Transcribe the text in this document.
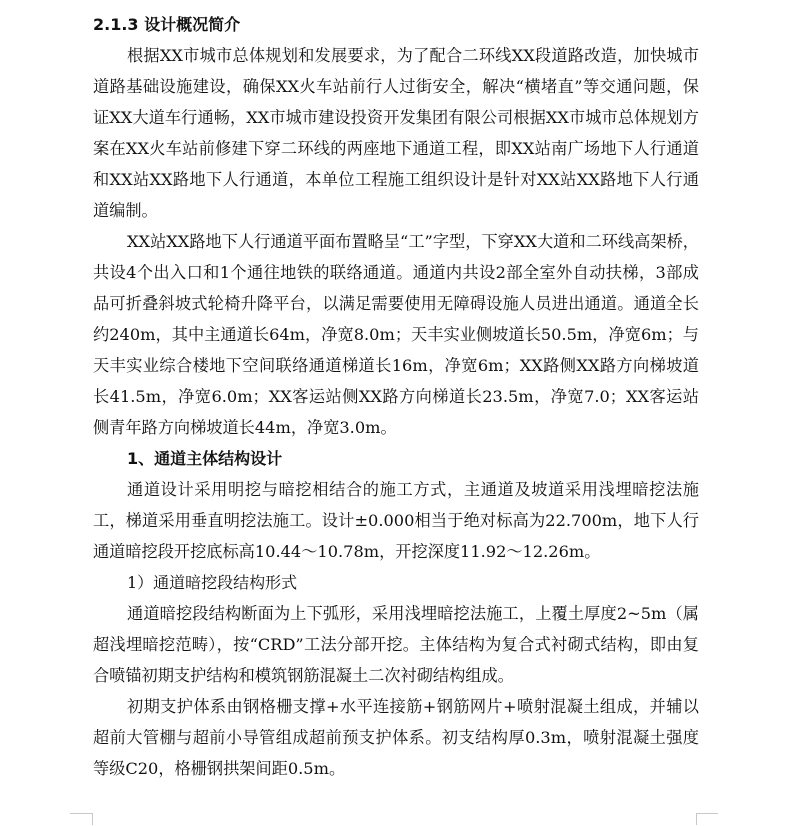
2.1.3 设计概况简介

根据XX市城市总体规划和发展要求，为了配合二环线XX段道路改造，加快城市道路基础设施建设，确保XX火车站前行人过街安全，解决“横堵直”等交通问题，保证XX大道车行通畅，XX市城市建设投资开发集团有限公司根据XX市城市总体规划方案在XX火车站前修建下穿二环线的两座地下通道工程，即XX站南广场地下人行通道和XX站XX路地下人行通道，本单位工程施工组织设计是针对XX站XX路地下人行通道编制。

XX站XX路地下人行通道平面布置略呈“工”字型，下穿XX大道和二环线高架桥，共设4个出入口和1个通往地铁的联络通道。通道内共设2部全室外自动扶梯，3部成品可折叠斜坡式轮椅升降平台，以满足需要使用无障碍设施人员进出通道。通道全长约240m，其中主通道长64m，净宽8.0m；天丰实业侧坡道长50.5m，净宽6m；与天丰实业综合楼地下空间联络通道梯道长16m，净宽6m；XX路侧XX路方向梯坡道长41.5m，净宽6.0m；XX客运站侧XX路方向梯道长23.5m，净宽7.0；XX客运站侧青年路方向梯坡道长44m，净宽3.0m。

1、通道主体结构设计

通道设计采用明挖与暗挖相结合的施工方式，主通道及坡道采用浅埋暗挖法施工，梯道采用垂直明挖法施工。设计±0.000相当于绝对标高为22.700m，地下人行通道暗挖段开挖底标高10.44～10.78m，开挖深度11.92～12.26m。

1）通道暗挖段结构形式

通道暗挖段结构断面为上下弧形，采用浅埋暗挖法施工，上覆土厚度2~5m（属超浅埋暗挖范畴），按“CRD”工法分部开挖。主体结构为复合式衬砌式结构，即由复合喷锚初期支护结构和模筑钢筋混凝土二次衬砌结构组成。

初期支护体系由钢格栅支撑+水平连接筋+钢筋网片+喷射混凝土组成，并辅以超前大管棚与超前小导管组成超前预支护体系。初支结构厚0.3m，喷射混凝土强度等级C20，格栅钢拱架间距0.5m。
